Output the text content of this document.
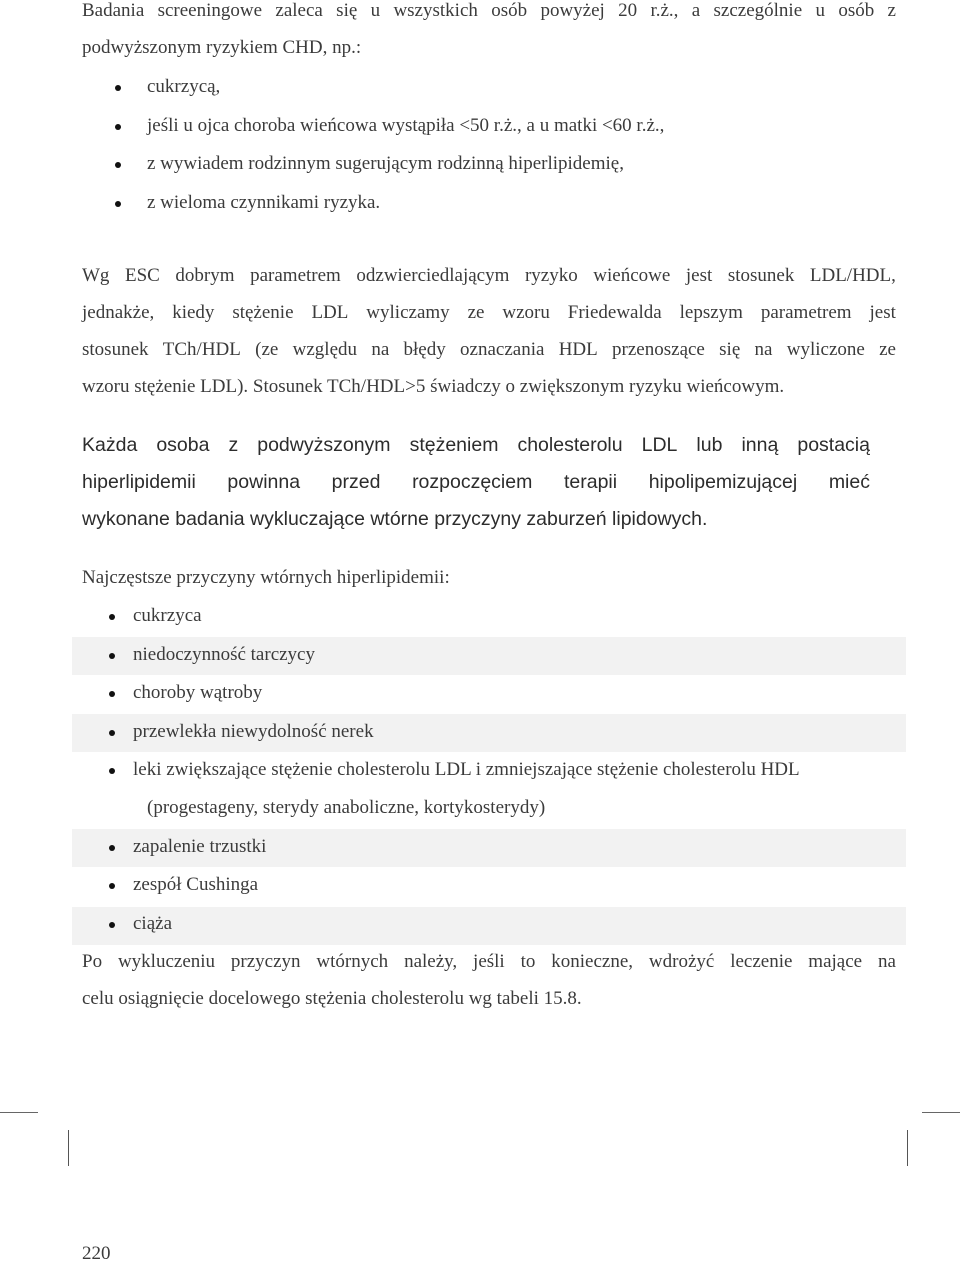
Badania screeningowe zaleca się u wszystkich osób powyżej 20 r.ż., a szczególnie u osób z
podwyższonym ryzykiem CHD, np.:
cukrzycą,
jeśli u ojca choroba wieńcowa wystąpiła <50 r.ż., a u matki <60 r.ż.,
z wywiadem rodzinnym sugerującym rodzinną hiperlipidemię,
z wieloma czynnikami ryzyka.
Wg ESC dobrym parametrem odzwierciedlającym ryzyko wieńcowe jest stosunek LDL/HDL,
jednakże, kiedy stężenie LDL wyliczamy ze wzoru Friedewalda lepszym parametrem jest
stosunek TCh/HDL (ze względu na błędy oznaczania HDL przenoszące się na wyliczone ze
wzoru stężenie LDL). Stosunek TCh/HDL>5 świadczy o zwiększonym ryzyku wieńcowym.
Każda osoba z podwyższonym stężeniem cholesterolu LDL lub inną postacią
hiperlipidemii powinna przed rozpoczęciem terapii hipolipemizującej mieć
wykonane badania wykluczające wtórne przyczyny zaburzeń lipidowych.
Najczęstsze przyczyny wtórnych hiperlipidemii:
cukrzyca
niedoczynność tarczycy
choroby wątroby
przewlekła niewydolność nerek
leki zwiększające stężenie cholesterolu LDL i zmniejszające stężenie cholesterolu HDL
(progestageny, sterydy anaboliczne, kortykosterydy)
zapalenie trzustki
zespół Cushinga
ciąża
Po wykluczeniu przyczyn wtórnych należy, jeśli to konieczne, wdrożyć leczenie mające na
celu osiągnięcie docelowego stężenia cholesterolu wg tabeli 15.8.
220
